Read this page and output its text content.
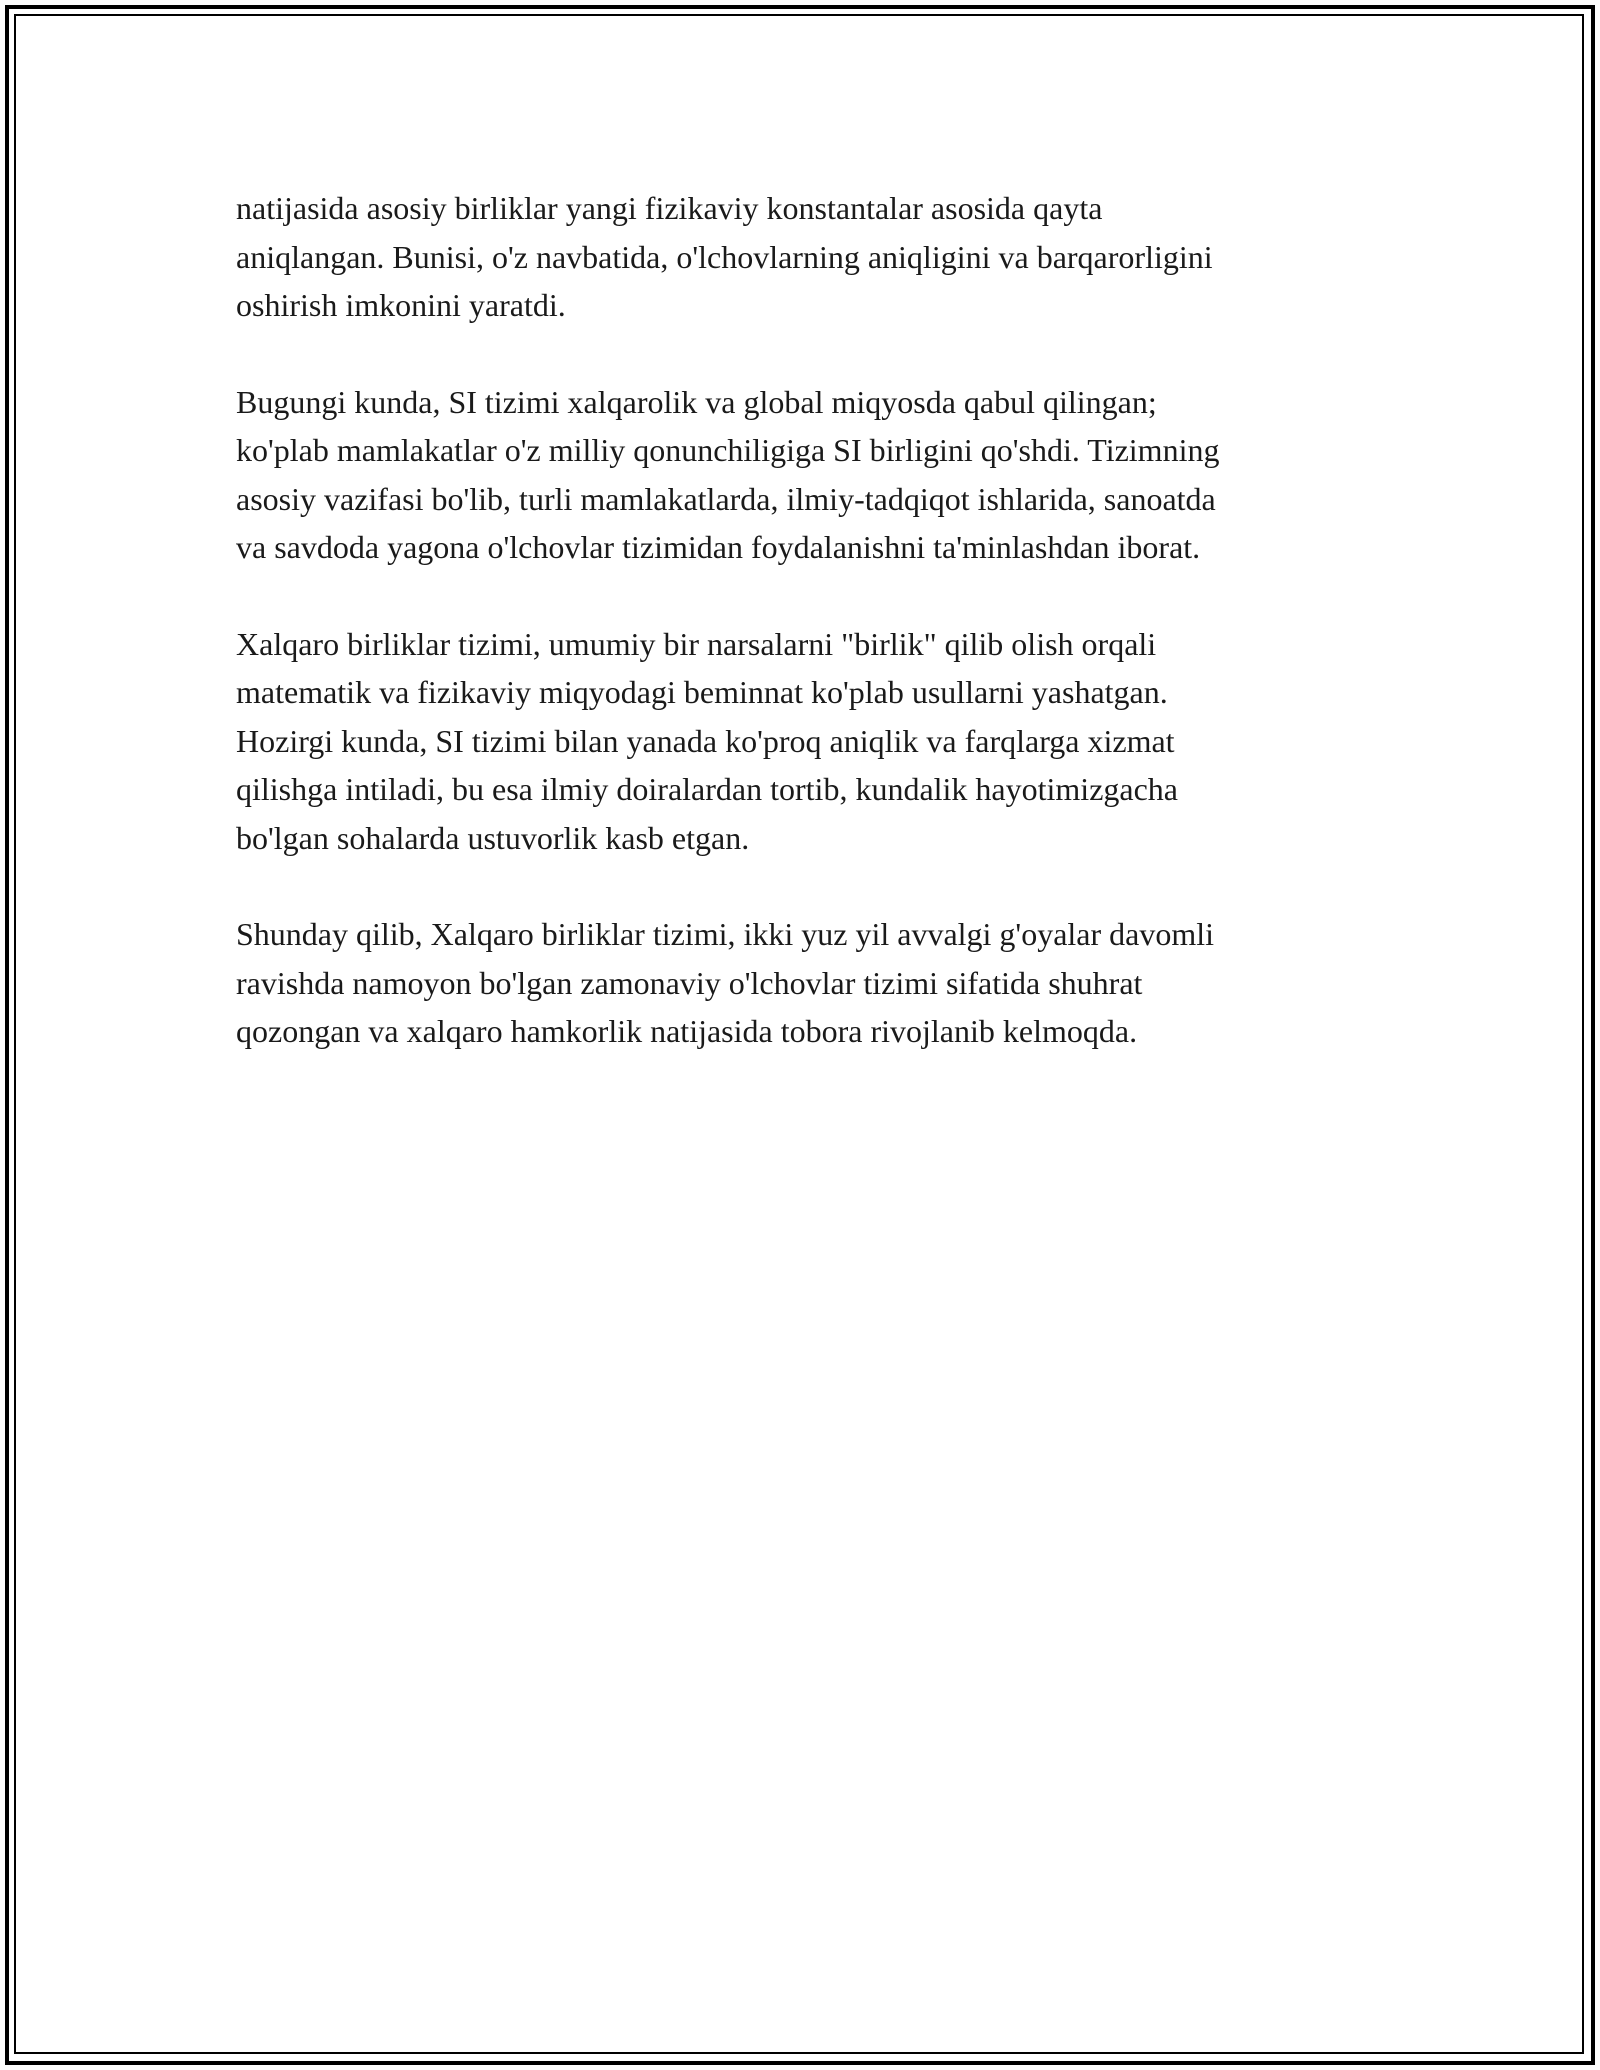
natijasida asosiy birliklar yangi fizikaviy konstantalar asosida qayta
aniqlangan. Bunisi, o'z navbatida, o'lchovlarning aniqligini va barqarorligini
oshirish imkonini yaratdi.

Bugungi kunda, SI tizimi xalqarolik va global miqyosda qabul qilingan;
ko'plab mamlakatlar o'z milliy qonunchiligiga SI birligini qo'shdi. Tizimning
asosiy vazifasi bo'lib, turli mamlakatlarda, ilmiy-tadqiqot ishlarida, sanoatda
va savdoda yagona o'lchovlar tizimidan foydalanishni ta'minlashdan iborat.

Xalqaro birliklar tizimi, umumiy bir narsalarni "birlik" qilib olish orqali
matematik va fizikaviy miqyodagi beminnat ko'plab usullarni yashatgan.
Hozirgi kunda, SI tizimi bilan yanada ko'proq aniqlik va farqlarga xizmat
qilishga intiladi, bu esa ilmiy doiralardan tortib, kundalik hayotimizgacha
bo'lgan sohalarda ustuvorlik kasb etgan.

Shunday qilib, Xalqaro birliklar tizimi, ikki yuz yil avvalgi g'oyalar davomli
ravishda namoyon bo'lgan zamonaviy o'lchovlar tizimi sifatida shuhrat
qozongan va xalqaro hamkorlik natijasida tobora rivojlanib kelmoqda.
